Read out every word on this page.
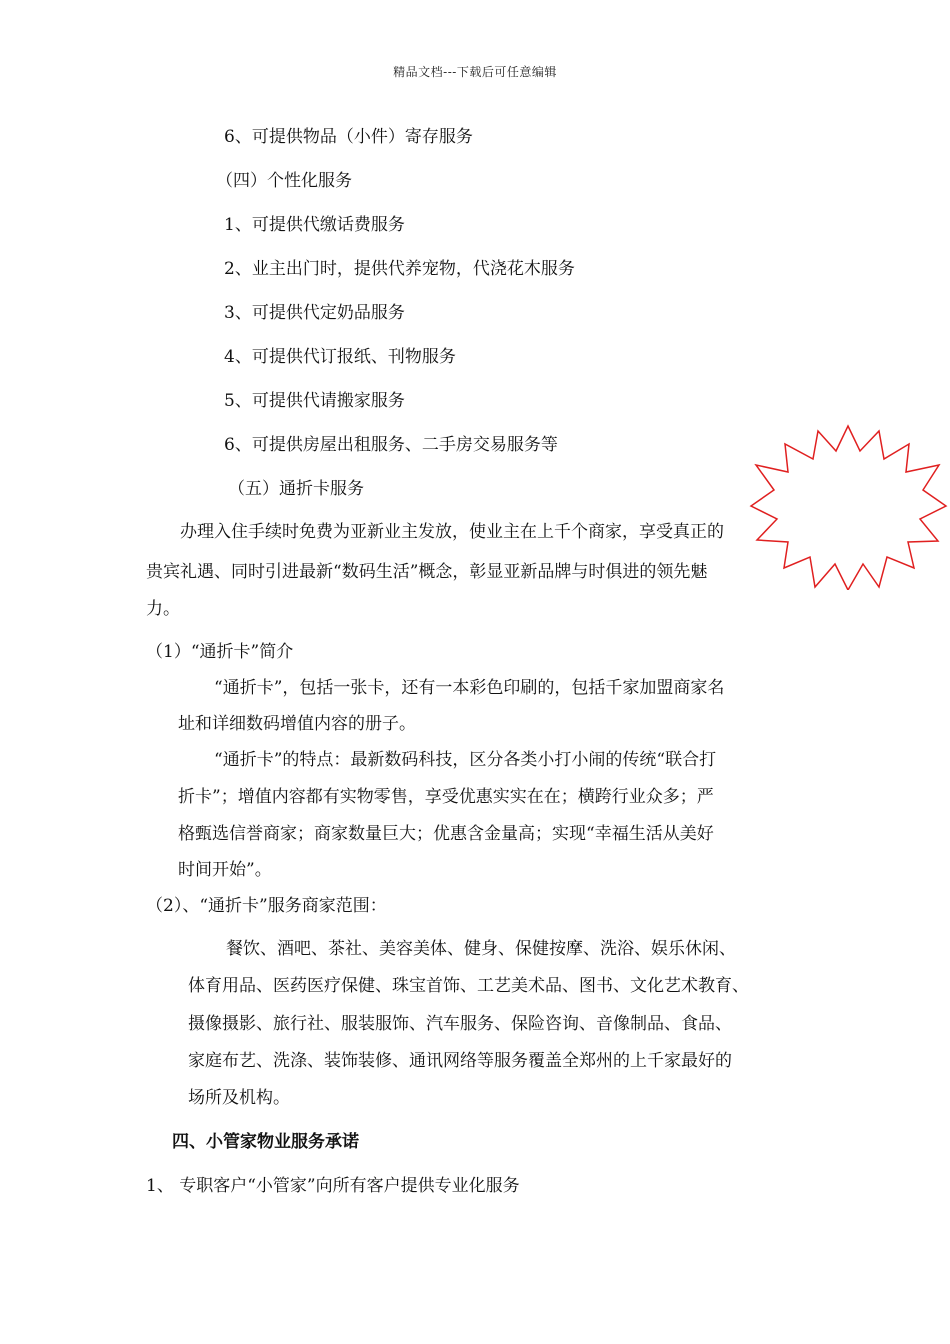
精品文档---下载后可任意编辑
6、可提供物品（小件）寄存服务
（四）个性化服务
1、可提供代缴话费服务
2、业主出门时，提供代养宠物，代浇花木服务
3、可提供代定奶品服务
4、可提供代订报纸、刊物服务
5、可提供代请搬家服务
6、可提供房屋出租服务、二手房交易服务等
（五）通折卡服务
办理入住手续时免费为亚新业主发放，使业主在上千个商家，享受真正的
贵宾礼遇、同时引进最新“数码生活”概念，彰显亚新品牌与时俱进的领先魅
力。
（1）“通折卡”简介
“通折卡”，包括一张卡，还有一本彩色印刷的，包括千家加盟商家名
址和详细数码增值内容的册子。
“通折卡”的特点：最新数码科技，区分各类小打小闹的传统“联合打
折卡”；增值内容都有实物零售，享受优惠实实在在；横跨行业众多；严
格甄选信誉商家；商家数量巨大；优惠含金量高；实现“幸福生活从美好
时间开始”。
（2）、“通折卡”服务商家范围：
餐饮、酒吧、茶社、美容美体、健身、保健按摩、洗浴、娱乐休闲、
体育用品、医药医疗保健、珠宝首饰、工艺美术品、图书、文化艺术教育、
摄像摄影、旅行社、服装服饰、汽车服务、保险咨询、音像制品、食品、
家庭布艺、洗涤、装饰装修、通讯网络等服务覆盖全郑州的上千家最好的
场所及机构。
四、小管家物业服务承诺
1、 专职客户“小管家”向所有客户提供专业化服务
